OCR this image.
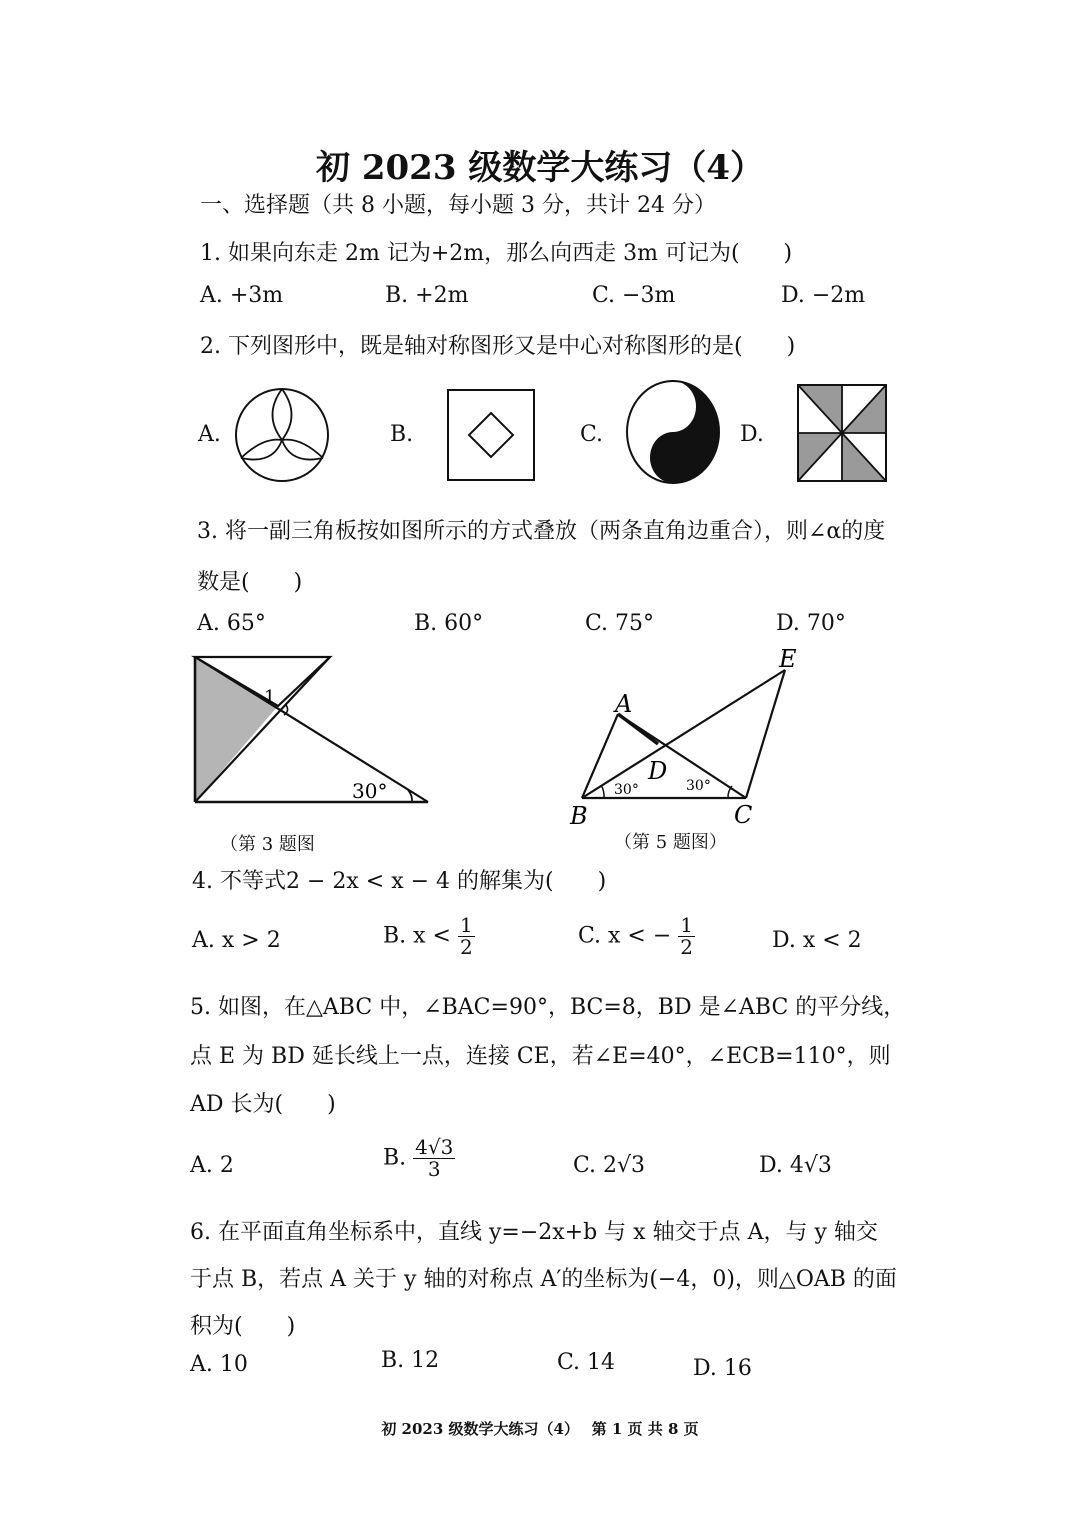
初 2023 级数学大练习（4）
一、选择题（共 8 小题，每小题 3 分，共计 24 分）
1. 如果向东走 2m 记为+2m，那么向西走 3m 可记为(　　)
A. +3m	B. +2m	C. −3m	D. −2m
2. 下列图形中，既是轴对称图形又是中心对称图形的是(　　)
A.	B.	C.	D.
3. 将一副三角板按如图所示的方式叠放（两条直角边重合），则∠α的度
数是(　　)
A. 65°	B. 60°	C. 75°	D. 70°
1
30°
（第 3 题图
A
B	C
D
E
30°	30°
（第 5 题图）
4. 不等式2 − 2x < x − 4 的解集为(　　)
A. x > 2	B. $x < \frac{1}{2}$	C. x < − $\frac{1}{2}$	D. x < 2
5. 如图，在△ABC 中，∠BAC=90°，BC=8，BD 是∠ABC 的平分线，
点 E 为 BD 延长线上一点，连接 CE，若∠E=40°，∠ECB=110°，则
AD 长为(　　)
A. 2	B. $\frac{4√3}{3}$	C. 2√3	D. 4√3
6. 在平面直角坐标系中，直线 y=−2x+b 与 x 轴交于点 A，与 y 轴交
于点 B，若点 A 关于 y 轴的对称点 A′的坐标为(−4，0)，则△OAB 的面
积为(　　)
A. 10	B. 12	C. 14	D. 16
初 2023 级数学大练习（4）　 第 1 页 共 8 页
